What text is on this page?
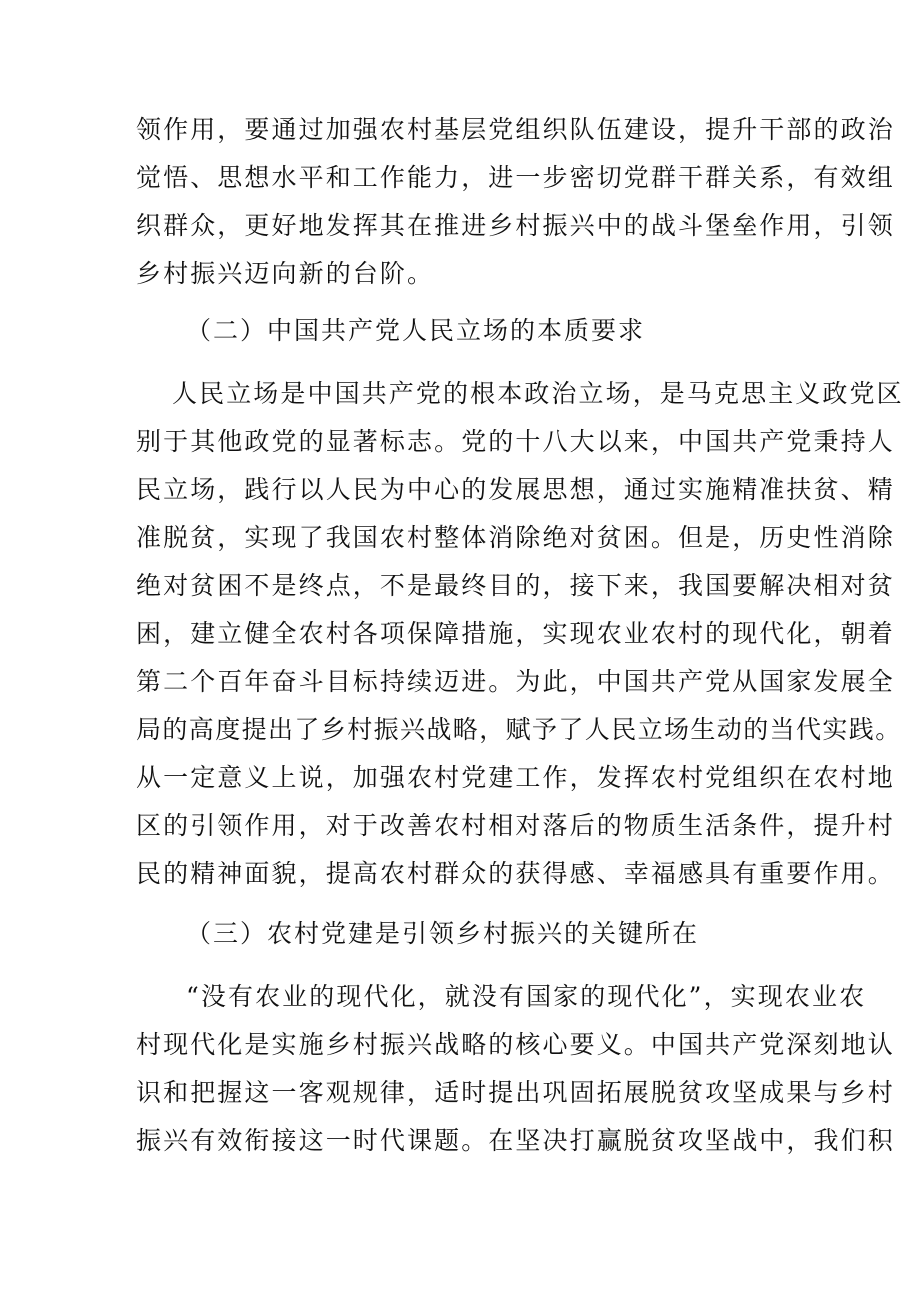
领作用，要通过加强农村基层党组织队伍建设，提升干部的政治
觉悟、思想水平和工作能力，进一步密切党群干群关系，有效组
织群众，更好地发挥其在推进乡村振兴中的战斗堡垒作用，引领
乡村振兴迈向新的台阶。
（二）中国共产党人民立场的本质要求
人民立场是中国共产党的根本政治立场，是马克思主义政党区
别于其他政党的显著标志。党的十八大以来，中国共产党秉持人
民立场，践行以人民为中心的发展思想，通过实施精准扶贫、精
准脱贫，实现了我国农村整体消除绝对贫困。但是，历史性消除
绝对贫困不是终点，不是最终目的，接下来，我国要解决相对贫
困，建立健全农村各项保障措施，实现农业农村的现代化，朝着
第二个百年奋斗目标持续迈进。为此，中国共产党从国家发展全
局的高度提出了乡村振兴战略，赋予了人民立场生动的当代实践。
从一定意义上说，加强农村党建工作，发挥农村党组织在农村地
区的引领作用，对于改善农村相对落后的物质生活条件，提升村
民的精神面貌，提高农村群众的获得感、幸福感具有重要作用。
（三）农村党建是引领乡村振兴的关键所在
“没有农业的现代化，就没有国家的现代化”，实现农业农
村现代化是实施乡村振兴战略的核心要义。中国共产党深刻地认
识和把握这一客观规律，适时提出巩固拓展脱贫攻坚成果与乡村
振兴有效衔接这一时代课题。在坚决打赢脱贫攻坚战中，我们积
